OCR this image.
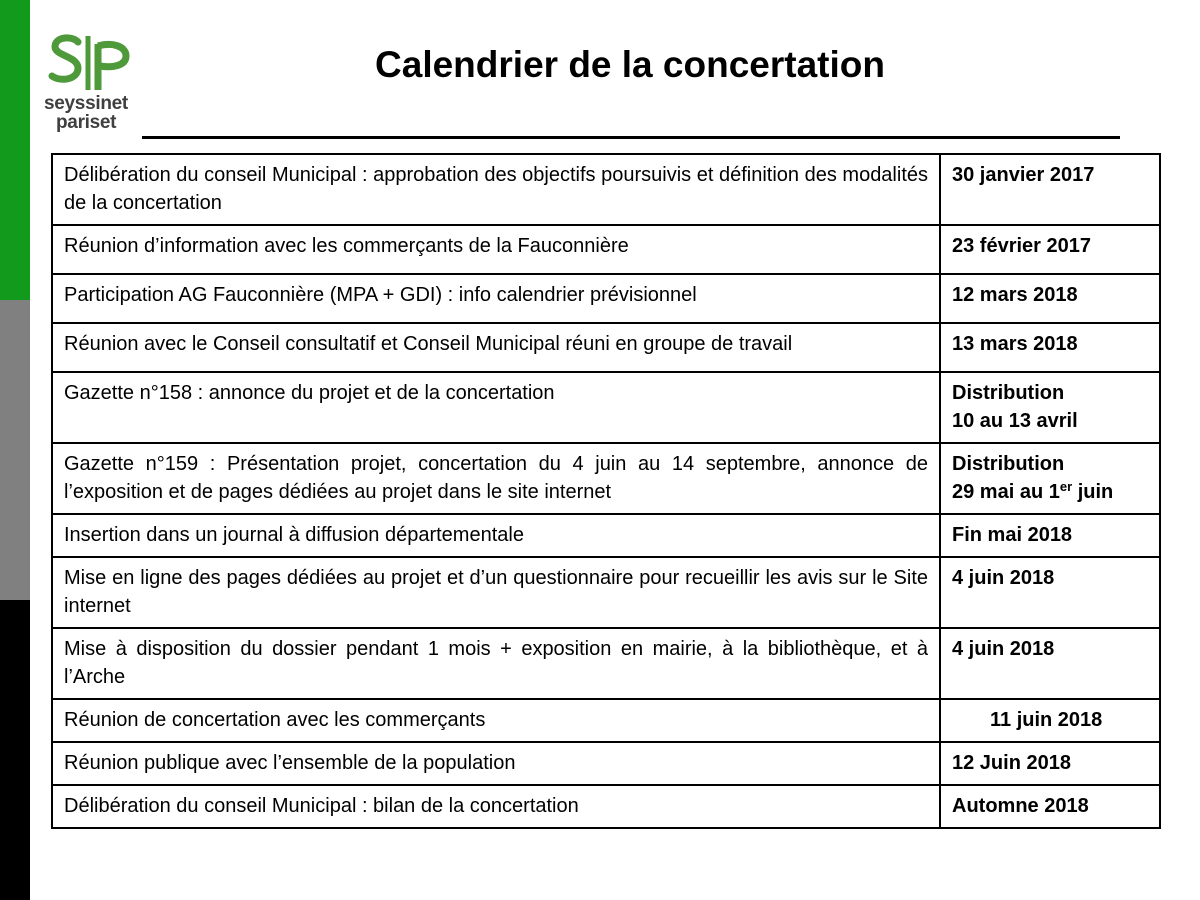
seyssinet
pariset
Calendrier de la concertation
Délibération du conseil Municipal : approbation des objectifs poursuivis et définition des modalités de la concertation	30 janvier 2017
Réunion d’information avec les commerçants de la Fauconnière	23 février 2017
Participation AG Fauconnière (MPA + GDI) : info calendrier prévisionnel	12 mars 2018
Réunion avec le Conseil consultatif et Conseil Municipal réuni en groupe de travail	13 mars 2018
Gazette n°158 : annonce du projet et de la concertation	Distribution
10 au 13 avril

Gazette n°159 : Présentation projet, concertation du 4 juin au 14 septembre, annonce de l’exposition et de pages dédiées au projet dans le site internet	Distribution
29 mai au 1er juin

Insertion dans un journal à diffusion départementale	Fin mai 2018
Mise en ligne des pages dédiées au projet et d’un questionnaire pour recueillir les avis sur le Site internet	4 juin 2018
Mise à disposition du dossier pendant 1 mois + exposition en mairie, à la bibliothèque, et à l’Arche	4 juin 2018
Réunion de concertation avec les commerçants	11 juin 2018
Réunion publique avec l’ensemble de la population	12 Juin 2018
Délibération du conseil Municipal : bilan de la concertation	Automne 2018
